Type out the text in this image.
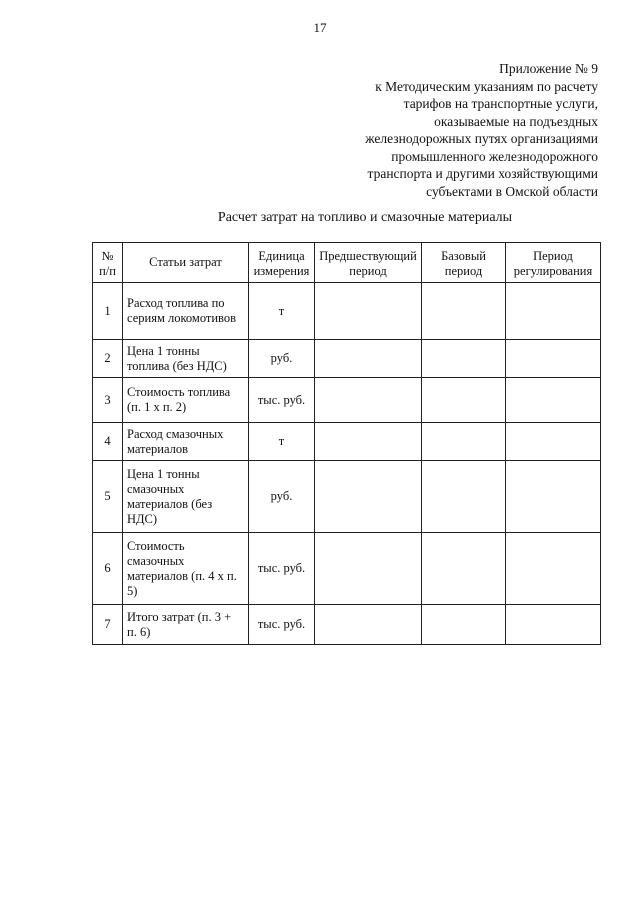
17
Приложение № 9
к Методическим указаниям по расчету
тарифов на транспортные услуги,
оказываемые на подъездных
железнодорожных путях организациями
промышленного железнодорожного
транспорта и другими хозяйствующими
субъектами в Омской области
Расчет затрат на топливо и смазочные материалы
№ п/п	Статьи затрат	Единица измерения	Предшествующий период	Базовый период	Период регулирования
1	Расход топлива по сериям локомотивов	т			
2	Цена 1 тонны топлива (без НДС)	руб.			
3	Стоимость топлива (п. 1 х п. 2)	тыс. руб.			
4	Расход смазочных материалов	т			
5	Цена 1 тонны смазочных материалов (без НДС)	руб.			
6	Стоимость смазочных материалов (п. 4 х п. 5)	тыс. руб.			
7	Итого затрат (п. 3 + п. 6)	тыс. руб.			
